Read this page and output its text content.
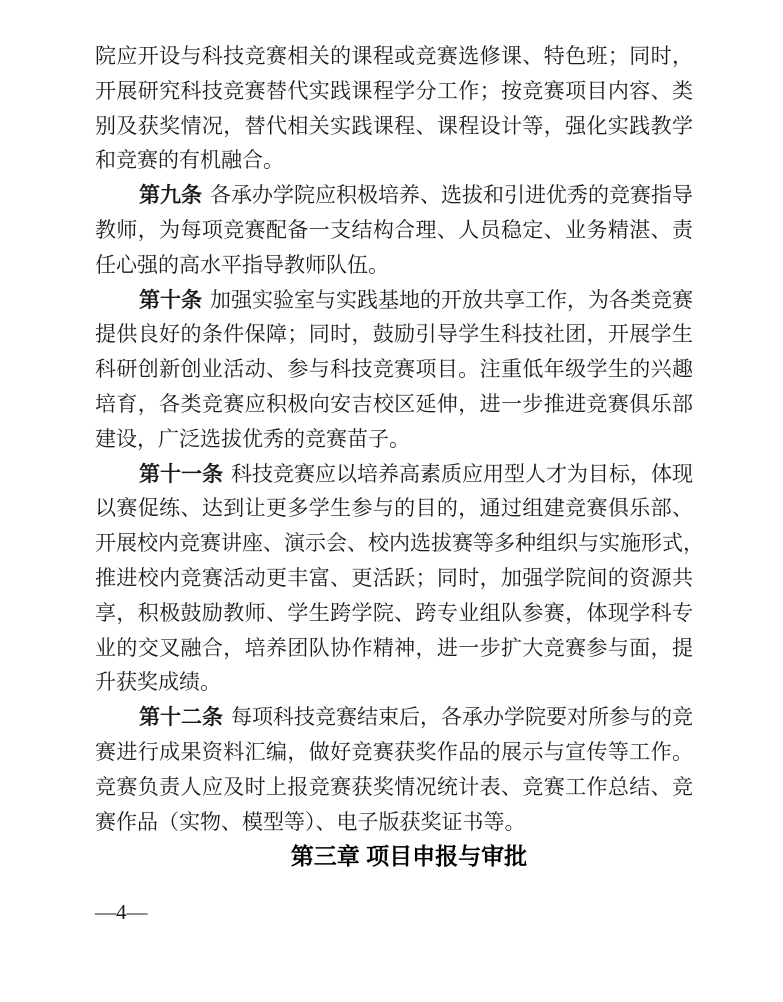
院应开设与科技竞赛相关的课程或竞赛选修课、特色班；同时，
开展研究科技竞赛替代实践课程学分工作；按竞赛项目内容、类
别及获奖情况，替代相关实践课程、课程设计等，强化实践教学
和竞赛的有机融合。
第九条 各承办学院应积极培养、选拔和引进优秀的竞赛指导
教师，为每项竞赛配备一支结构合理、人员稳定、业务精湛、责
任心强的高水平指导教师队伍。
第十条 加强实验室与实践基地的开放共享工作，为各类竞赛
提供良好的条件保障；同时，鼓励引导学生科技社团，开展学生
科研创新创业活动、参与科技竞赛项目。注重低年级学生的兴趣
培育，各类竞赛应积极向安吉校区延伸，进一步推进竞赛俱乐部
建设，广泛选拔优秀的竞赛苗子。
第十一条 科技竞赛应以培养高素质应用型人才为目标，体现
以赛促练、达到让更多学生参与的目的，通过组建竞赛俱乐部、
开展校内竞赛讲座、演示会、校内选拔赛等多种组织与实施形式，
推进校内竞赛活动更丰富、更活跃；同时，加强学院间的资源共
享，积极鼓励教师、学生跨学院、跨专业组队参赛，体现学科专
业的交叉融合，培养团队协作精神，进一步扩大竞赛参与面，提
升获奖成绩。
第十二条 每项科技竞赛结束后，各承办学院要对所参与的竞
赛进行成果资料汇编，做好竞赛获奖作品的展示与宣传等工作。
竞赛负责人应及时上报竞赛获奖情况统计表、竞赛工作总结、竞
赛作品（实物、模型等）、电子版获奖证书等。
第三章 项目申报与审批
—4—
